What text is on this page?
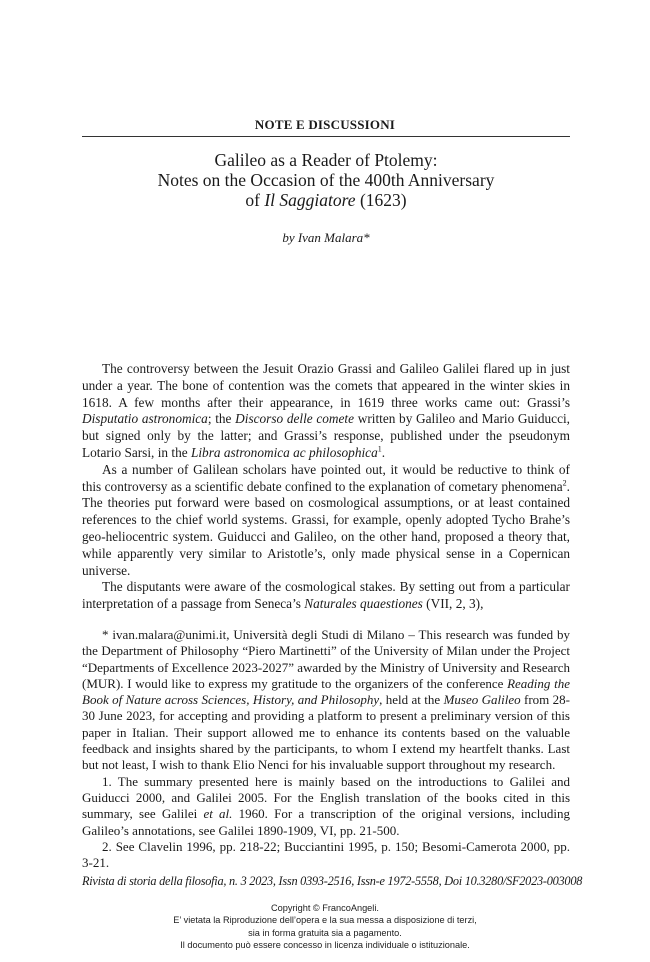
NOTE E DISCUSSIONI
Galileo as a Reader of Ptolemy:
Notes on the Occasion of the 400th Anniversary
of Il Saggiatore (1623)
by Ivan Malara*

The controversy between the Jesuit Orazio Grassi and Galileo Galilei flared up in just under a year. The bone of contention was the comets that appeared in the winter skies in 1618. A few months after their appearance, in 1619 three works came out: Grassi’s Disputatio astronomica; the Discorso delle comete written by Galileo and Mario Guiducci, but signed only by the latter; and Grassi’s response, published under the pseudonym Lotario Sarsi, in the Libra astronomica ac philosophica$^1$.

As a number of Galilean scholars have pointed out, it would be reductive to think of this controversy as a scientific debate confined to the explanation of cometary phenomena$^2$. The theories put forward were based on cosmological assumptions, or at least contained references to the chief world systems. Grassi, for example, openly adopted Tycho Brahe’s geo-heliocentric system. Guiducci and Galileo, on the other hand, proposed a theory that, while apparently very similar to Aristotle’s, only made physical sense in a Copernican universe.

The disputants were aware of the cosmological stakes. By setting out from a particular interpretation of a passage from Seneca’s Naturales quaestiones (VII, 2, 3),

* ivan.malara@unimi.it, Università degli Studi di Milano – This research was funded by the Department of Philosophy “Piero Martinetti” of the University of Milan under the Project “Departments of Excellence 2023-2027” awarded by the Ministry of University and Research (MUR). I would like to express my gratitude to the organizers of the conference Reading the Book of Nature across Sciences, History, and Philosophy, held at the Museo Galileo from 28-30 June 2023, for accepting and providing a platform to present a preliminary version of this paper in Italian. Their support allowed me to enhance its contents based on the valuable feedback and insights shared by the participants, to whom I extend my heartfelt thanks. Last but not least, I wish to thank Elio Nenci for his invaluable support throughout my research.

1. The summary presented here is mainly based on the introductions to Galilei and Guiducci 2000, and Galilei 2005. For the English translation of the books cited in this summary, see Galilei et al. 1960. For a transcription of the original versions, including Galileo’s annotations, see Galilei 1890-1909, VI, pp. 21-500.

2. See Clavelin 1996, pp. 218-22; Bucciantini 1995, p. 150; Besomi-Camerota 2000, pp. 3-21.

Rivista di storia della filosofia, n. 3 2023, Issn 0393-2516, Issn-e 1972-5558, Doi 10.3280/SF2023-003008
Copyright © FrancoAngeli.
E’ vietata la Riproduzione dell’opera e la sua messa a disposizione di terzi,
sia in forma gratuita sia a pagamento.
Il documento può essere concesso in licenza individuale o istituzionale.
